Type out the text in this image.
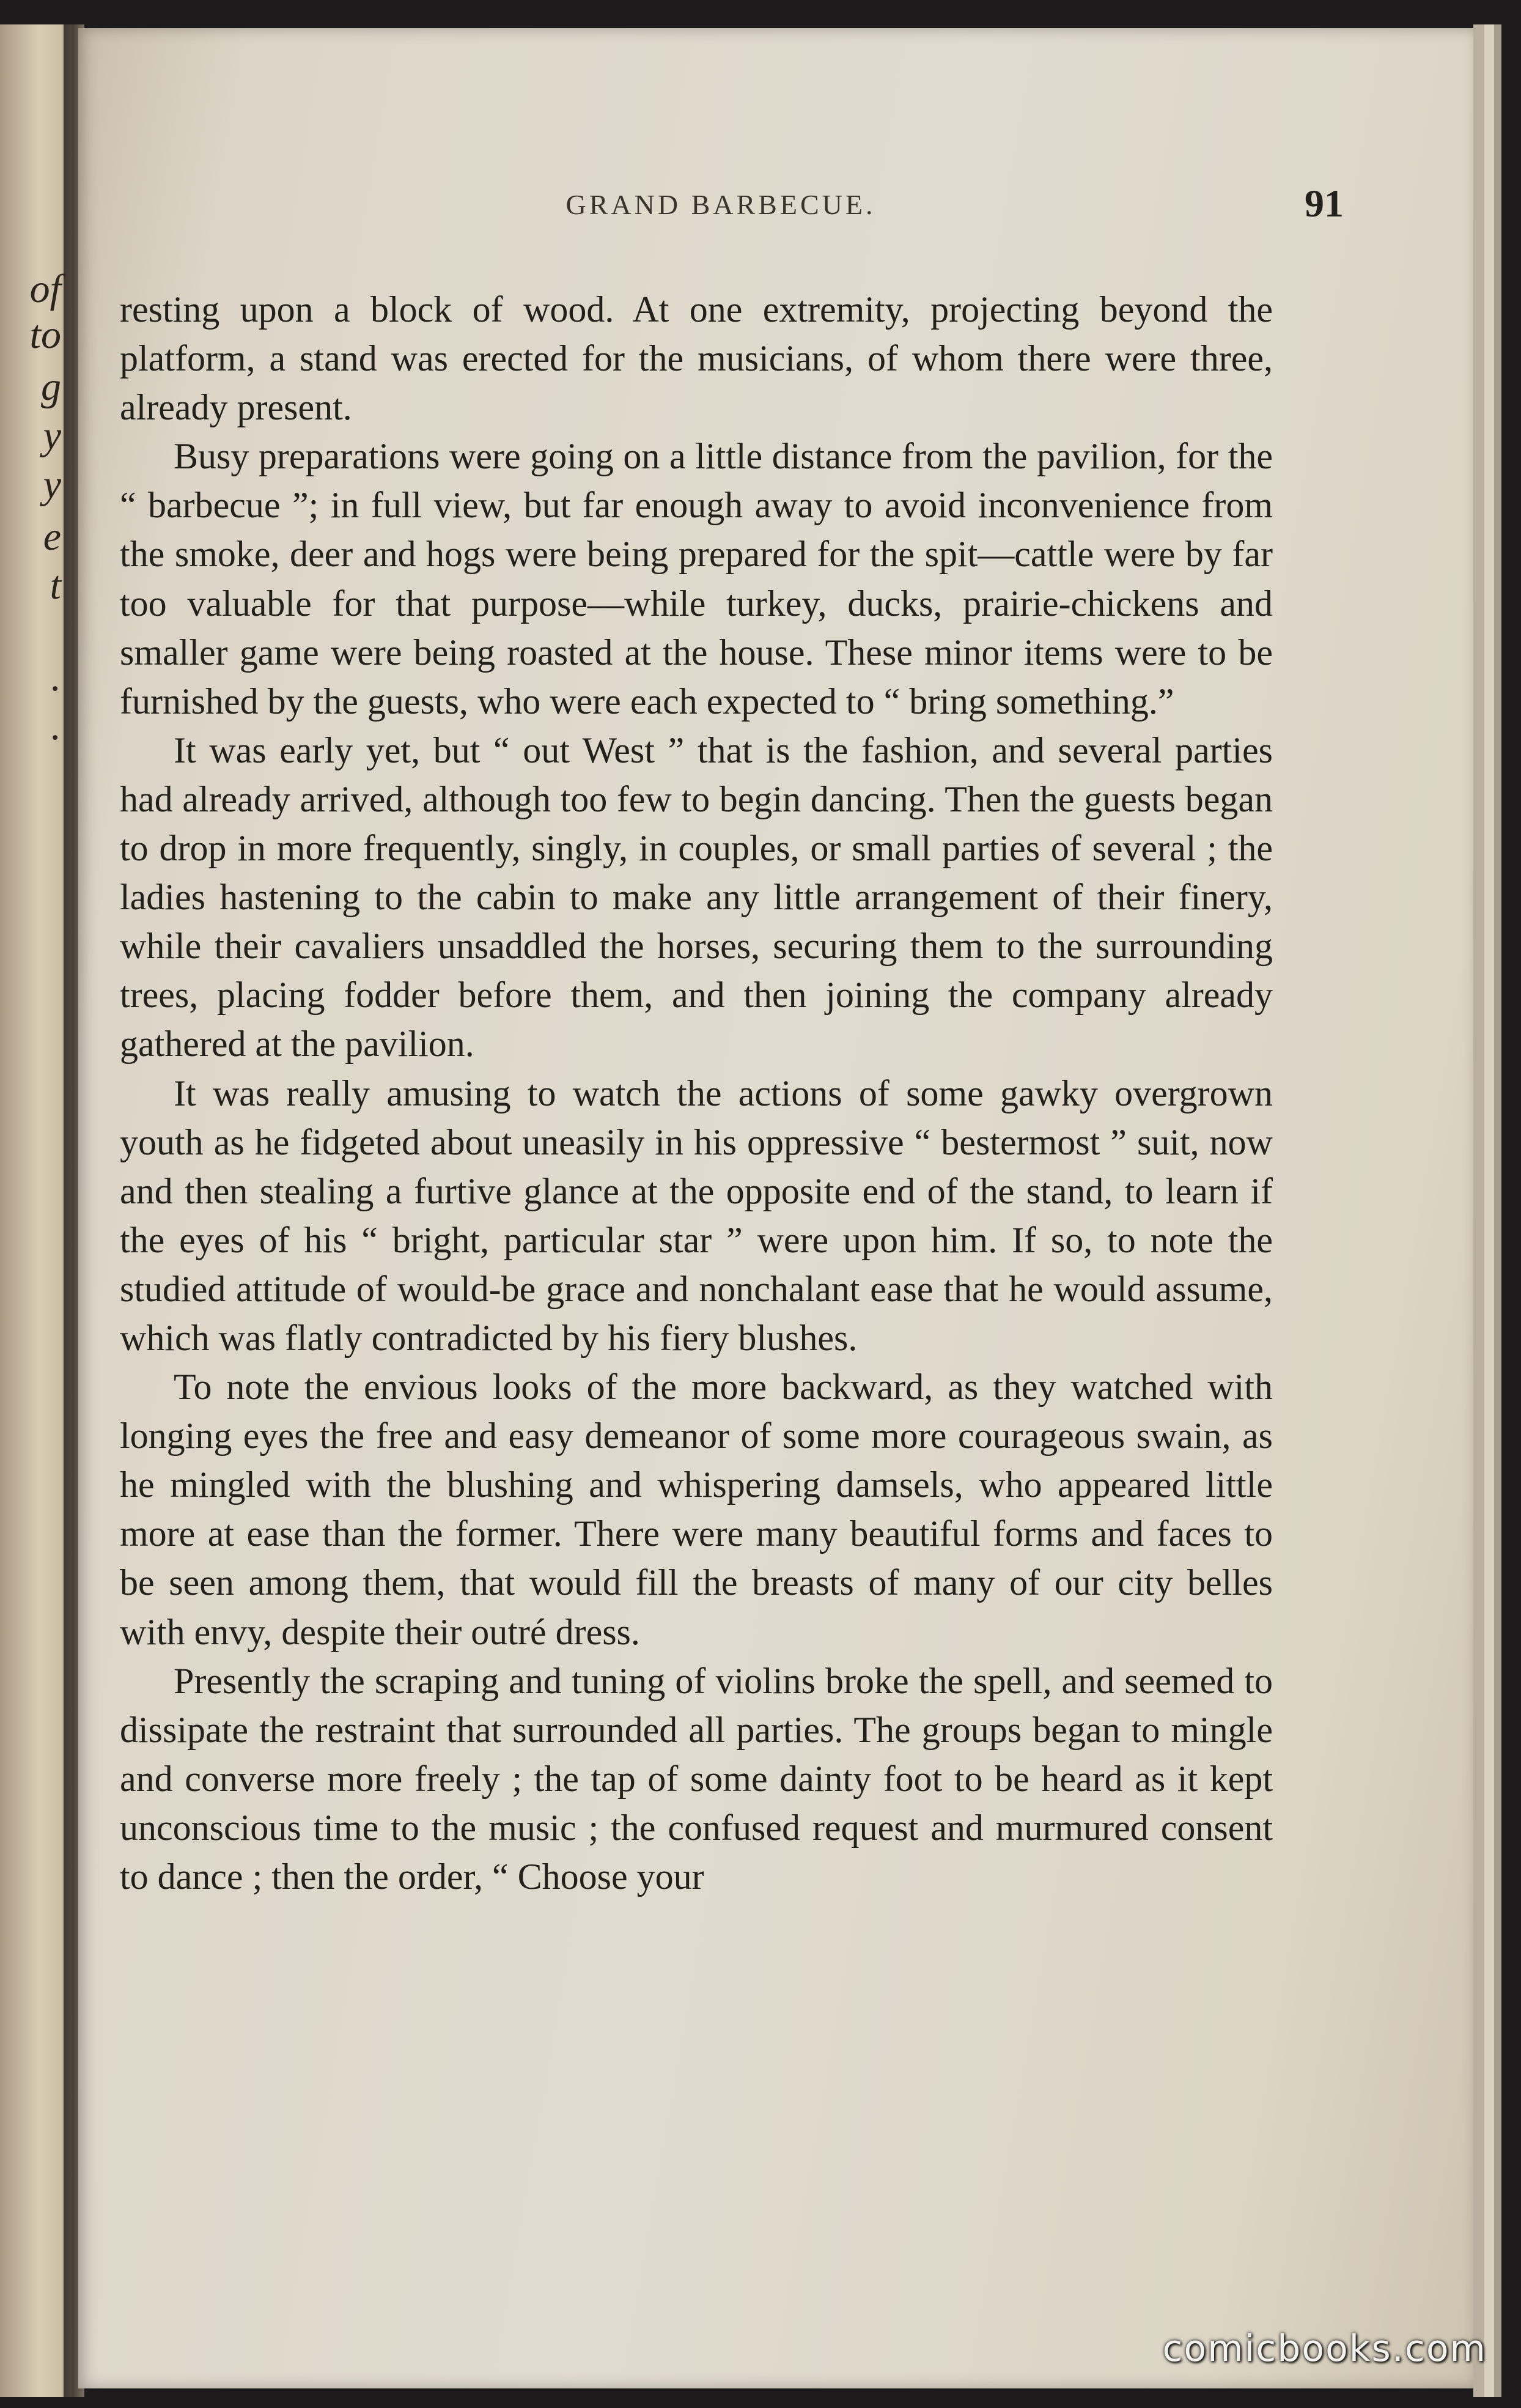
of
to
g
y
y
e
t
.
.
GRAND BARBECUE.	91

resting upon a block of wood. At one extremity, projecting beyond the platform, a stand was erected for the musicians, of whom there were three, already present.

Busy preparations were going on a little distance from the pavilion, for the “ barbecue ”; in full view, but far enough away to avoid inconvenience from the smoke, deer and hogs were being prepared for the spit—cattle were by far too valuable for that purpose—while turkey, ducks, prairie-chickens and smaller game were being roasted at the house. These minor items were to be furnished by the guests, who were each expected to “ bring something.”

It was early yet, but “ out West ” that is the fashion, and several parties had already arrived, although too few to begin dancing. Then the guests began to drop in more frequently, singly, in couples, or small parties of several ; the ladies hastening to the cabin to make any little arrangement of their finery, while their cavaliers unsaddled the horses, securing them to the surrounding trees, placing fodder before them, and then joining the company already gathered at the pavilion.

It was really amusing to watch the actions of some gawky overgrown youth as he fidgeted about uneasily in his oppressive “ bestermost ” suit, now and then stealing a furtive glance at the opposite end of the stand, to learn if the eyes of his “ bright, particular star ” were upon him. If so, to note the studied attitude of would-be grace and nonchalant ease that he would assume, which was flatly contradicted by his fiery blushes.

To note the envious looks of the more backward, as they watched with longing eyes the free and easy demeanor of some more courageous swain, as he mingled with the blushing and whispering damsels, who appeared little more at ease than the former. There were many beautiful forms and faces to be seen among them, that would fill the breasts of many of our city belles with envy, despite their outré dress.

Presently the scraping and tuning of violins broke the spell, and seemed to dissipate the restraint that surrounded all parties. The groups began to mingle and converse more freely ; the tap of some dainty foot to be heard as it kept unconscious time to the music ; the confused request and murmured consent to dance ; then the order, “ Choose your

comicbooks.com
